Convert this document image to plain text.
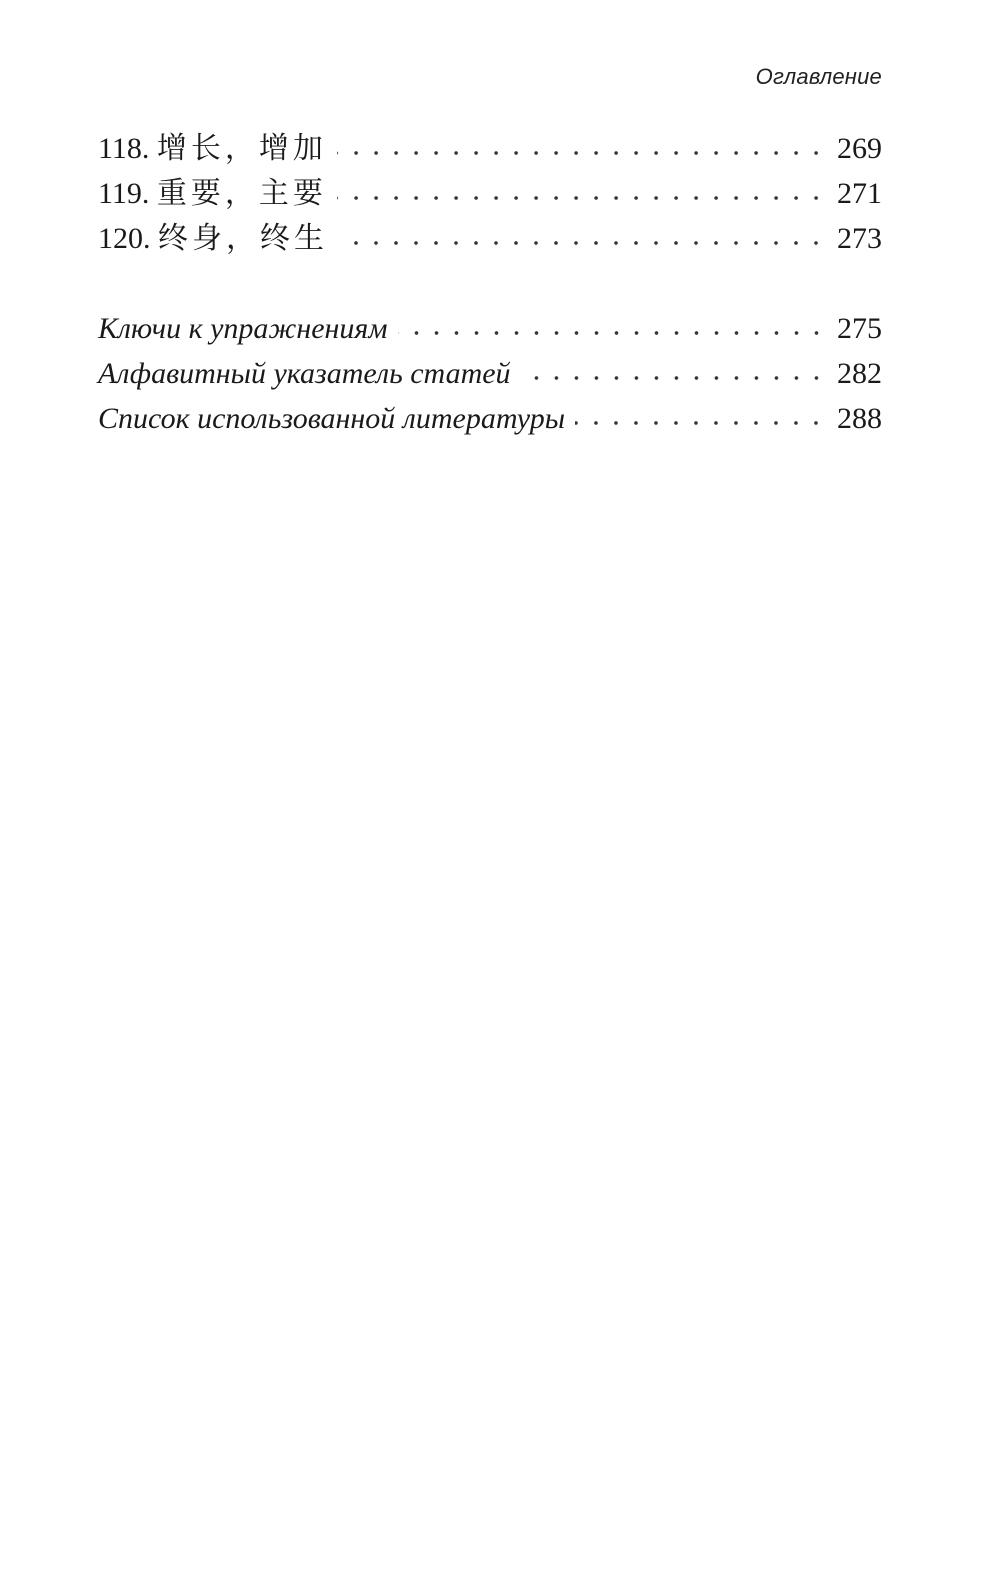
Оглавление
118. 增长，增加	269
119. 重要，主要	271
120. 终身，终生	273
Ключи к упражнениям	275
Алфавитный указатель статей	282
Список использованной литературы	288
